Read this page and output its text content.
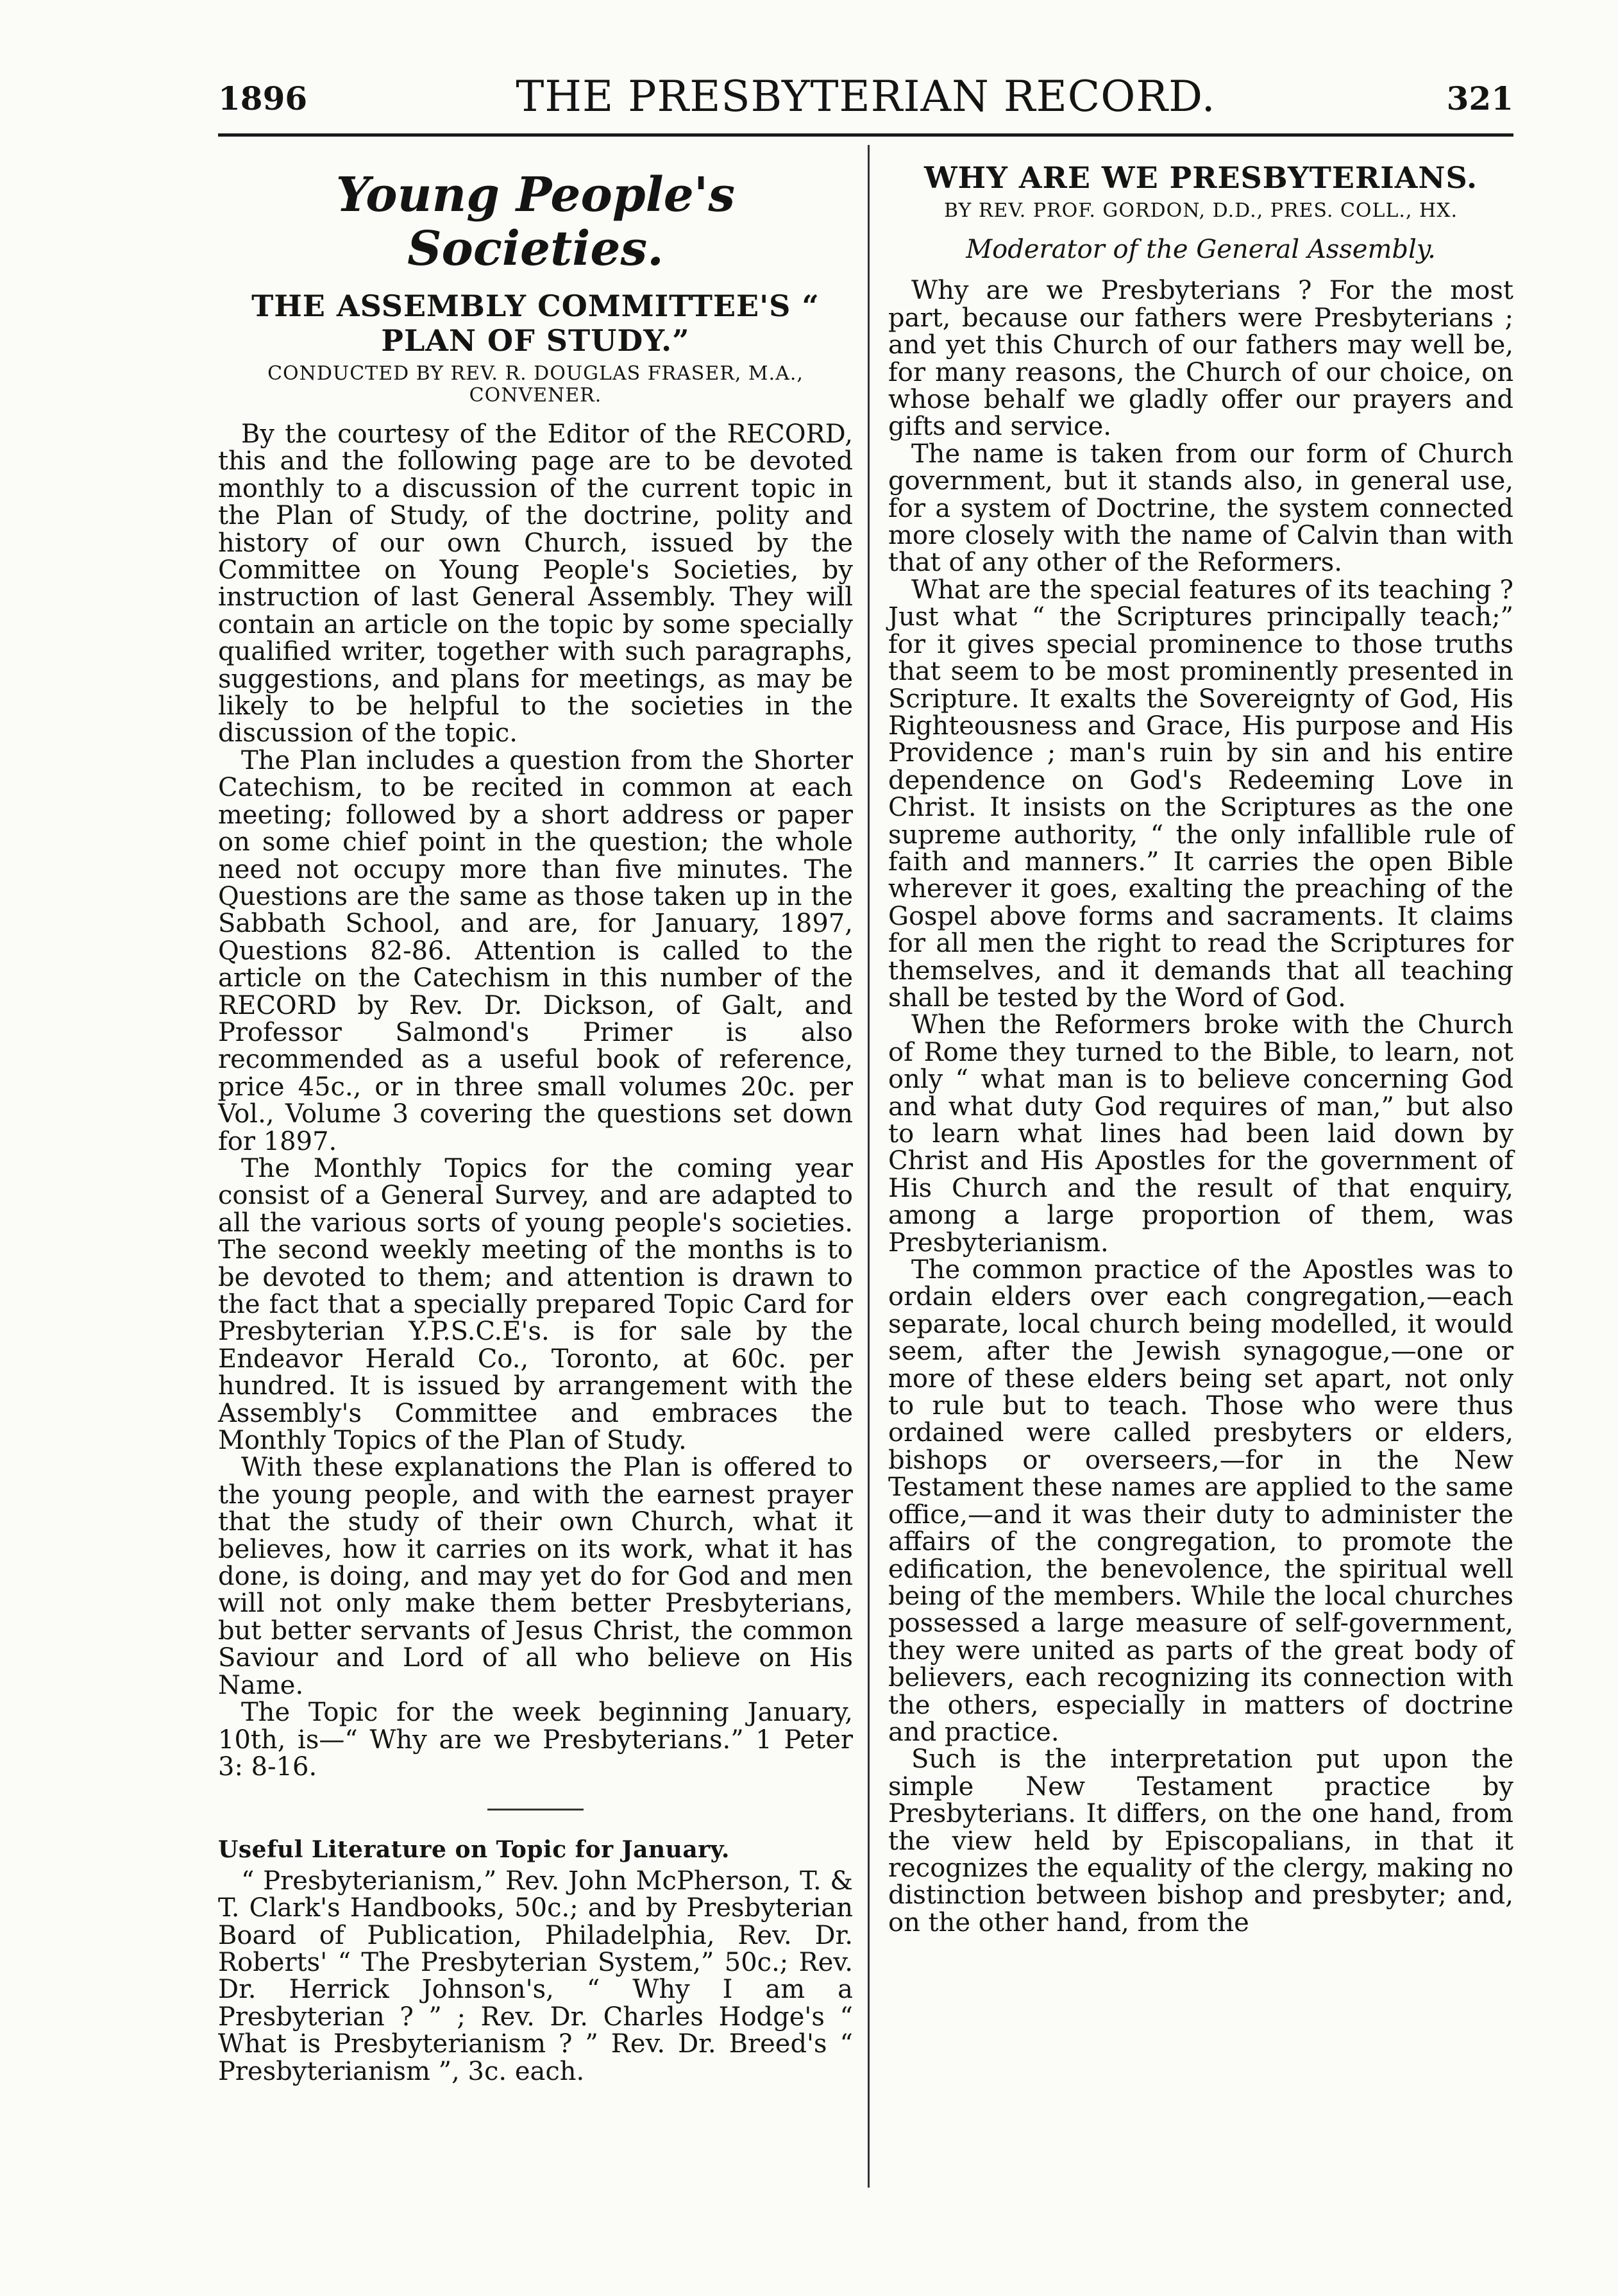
1896	THE PRESBYTERIAN RECORD.	321
Young People's Societies.
THE ASSEMBLY COMMITTEE'S “ PLAN OF STUDY.”
CONDUCTED BY REV. R. DOUGLAS FRASER, M.A., CONVENER.

By the courtesy of the Editor of the RECORD, this and the following page are to be devoted monthly to a discussion of the current topic in the Plan of Study, of the doctrine, polity and history of our own Church, issued by the Committee on Young People's Societies, by instruction of last General Assembly. They will contain an article on the topic by some specially qualified writer, together with such paragraphs, suggestions, and plans for meetings, as may be likely to be helpful to the societies in the discussion of the topic.

The Plan includes a question from the Shorter Catechism, to be recited in common at each meeting; followed by a short address or paper on some chief point in the question; the whole need not occupy more than five minutes. The Questions are the same as those taken up in the Sabbath School, and are, for January, 1897, Questions 82-86. Attention is called to the article on the Catechism in this number of the RECORD by Rev. Dr. Dickson, of Galt, and Professor Salmond's Primer is also recommended as a useful book of reference, price 45c., or in three small volumes 20c. per Vol., Volume 3 covering the questions set down for 1897.

The Monthly Topics for the coming year consist of a General Survey, and are adapted to all the various sorts of young people's societies. The second weekly meeting of the months is to be devoted to them; and attention is drawn to the fact that a specially prepared Topic Card for Presbyterian Y.P.S.C.E's. is for sale by the Endeavor Herald Co., Toronto, at 60c. per hundred. It is issued by arrangement with the Assembly's Committee and embraces the Monthly Topics of the Plan of Study.

With these explanations the Plan is offered to the young people, and with the earnest prayer that the study of their own Church, what it believes, how it carries on its work, what it has done, is doing, and may yet do for God and men will not only make them better Presbyterians, but better servants of Jesus Christ, the common Saviour and Lord of all who believe on His Name.

The Topic for the week beginning January, 10th, is—“ Why are we Presbyterians.” 1 Peter 3: 8-16.

Useful Literature on Topic for January.

“ Presbyterianism,” Rev. John McPherson, T. & T. Clark's Handbooks, 50c.; and by Presbyterian Board of Publication, Philadelphia, Rev. Dr. Roberts' “ The Presbyterian System,” 50c.; Rev. Dr. Herrick Johnson's, “ Why I am a Presbyterian ? ” ; Rev. Dr. Charles Hodge's “ What is Presbyterianism ? ” Rev. Dr. Breed's “ Presbyterianism ”, 3c. each.

WHY ARE WE PRESBYTERIANS.
BY REV. PROF. GORDON, D.D., PRES. COLL., HX.
Moderator of the General Assembly.

Why are we Presbyterians ? For the most part, because our fathers were Presbyterians ; and yet this Church of our fathers may well be, for many reasons, the Church of our choice, on whose behalf we gladly offer our prayers and gifts and service.

The name is taken from our form of Church government, but it stands also, in general use, for a system of Doctrine, the system connected more closely with the name of Calvin than with that of any other of the Reformers.

What are the special features of its teaching ? Just what “ the Scriptures principally teach;” for it gives special prominence to those truths that seem to be most prominently presented in Scripture. It exalts the Sovereignty of God, His Righteousness and Grace, His purpose and His Providence ; man's ruin by sin and his entire dependence on God's Redeeming Love in Christ. It insists on the Scriptures as the one supreme authority, “ the only infallible rule of faith and manners.” It carries the open Bible wherever it goes, exalting the preaching of the Gospel above forms and sacraments. It claims for all men the right to read the Scriptures for themselves, and it demands that all teaching shall be tested by the Word of God.

When the Reformers broke with the Church of Rome they turned to the Bible, to learn, not only “ what man is to believe concerning God and what duty God requires of man,” but also to learn what lines had been laid down by Christ and His Apostles for the government of His Church and the result of that enquiry, among a large proportion of them, was Presbyterianism.

The common practice of the Apostles was to ordain elders over each congregation,—each separate, local church being modelled, it would seem, after the Jewish synagogue,—one or more of these elders being set apart, not only to rule but to teach. Those who were thus ordained were called presbyters or elders, bishops or overseers,—for in the New Testament these names are applied to the same office,—and it was their duty to administer the affairs of the congregation, to promote the edification, the benevolence, the spiritual well being of the members. While the local churches possessed a large measure of self-government, they were united as parts of the great body of believers, each recognizing its connection with the others, especially in matters of doctrine and practice.

Such is the interpretation put upon the simple New Testament practice by Presbyterians. It differs, on the one hand, from the view held by Episcopalians, in that it recognizes the equality of the clergy, making no distinction between bishop and presbyter; and, on the other hand, from the
